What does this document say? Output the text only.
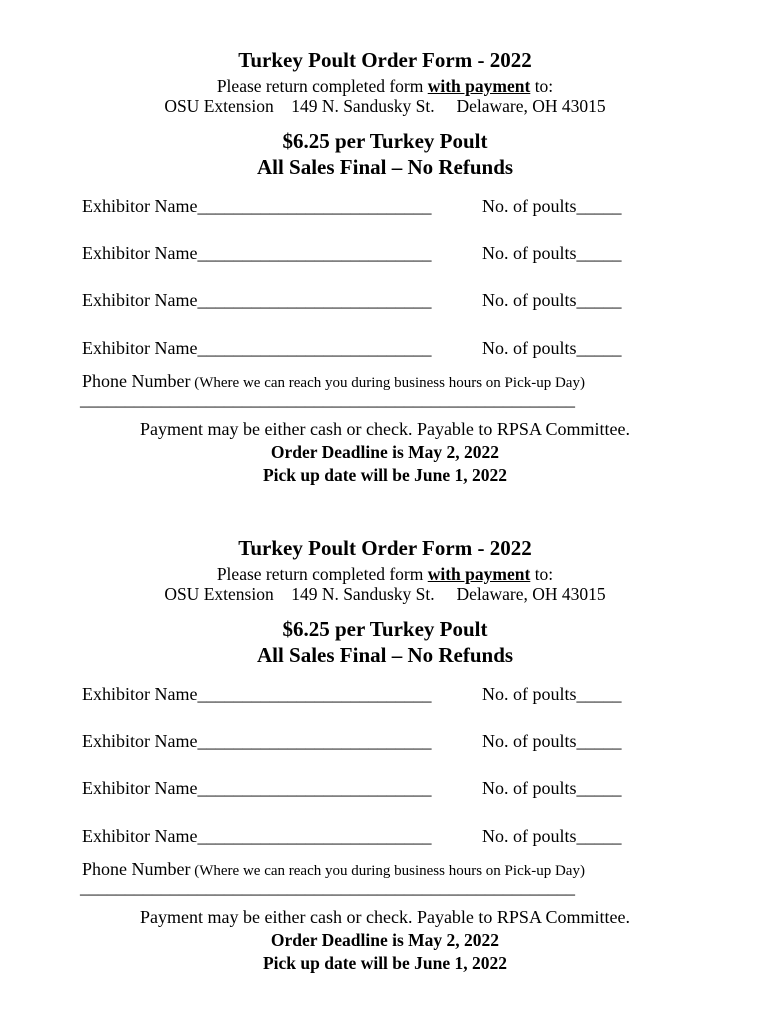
Turkey Poult Order Form - 2022
Please return completed form with payment to:
OSU Extension 149 N. Sandusky St. Delaware, OH 43015
$6.25 per Turkey Poult
All Sales Final – No Refunds
Exhibitor Name__________________________	No. of poults_____
Exhibitor Name__________________________	No. of poults_____
Exhibitor Name__________________________	No. of poults_____
Exhibitor Name__________________________	No. of poults_____
Phone Number (Where we can reach you during business hours on Pick-up Day)
_______________________________________________________
Payment may be either cash or check. Payable to RPSA Committee.
Order Deadline is May 2, 2022
Pick up date will be June 1, 2022
Turkey Poult Order Form - 2022
Please return completed form with payment to:
OSU Extension 149 N. Sandusky St. Delaware, OH 43015
$6.25 per Turkey Poult
All Sales Final – No Refunds
Exhibitor Name__________________________	No. of poults_____
Exhibitor Name__________________________	No. of poults_____
Exhibitor Name__________________________	No. of poults_____
Exhibitor Name__________________________	No. of poults_____
Phone Number (Where we can reach you during business hours on Pick-up Day)
_______________________________________________________
Payment may be either cash or check. Payable to RPSA Committee.
Order Deadline is May 2, 2022
Pick up date will be June 1, 2022
